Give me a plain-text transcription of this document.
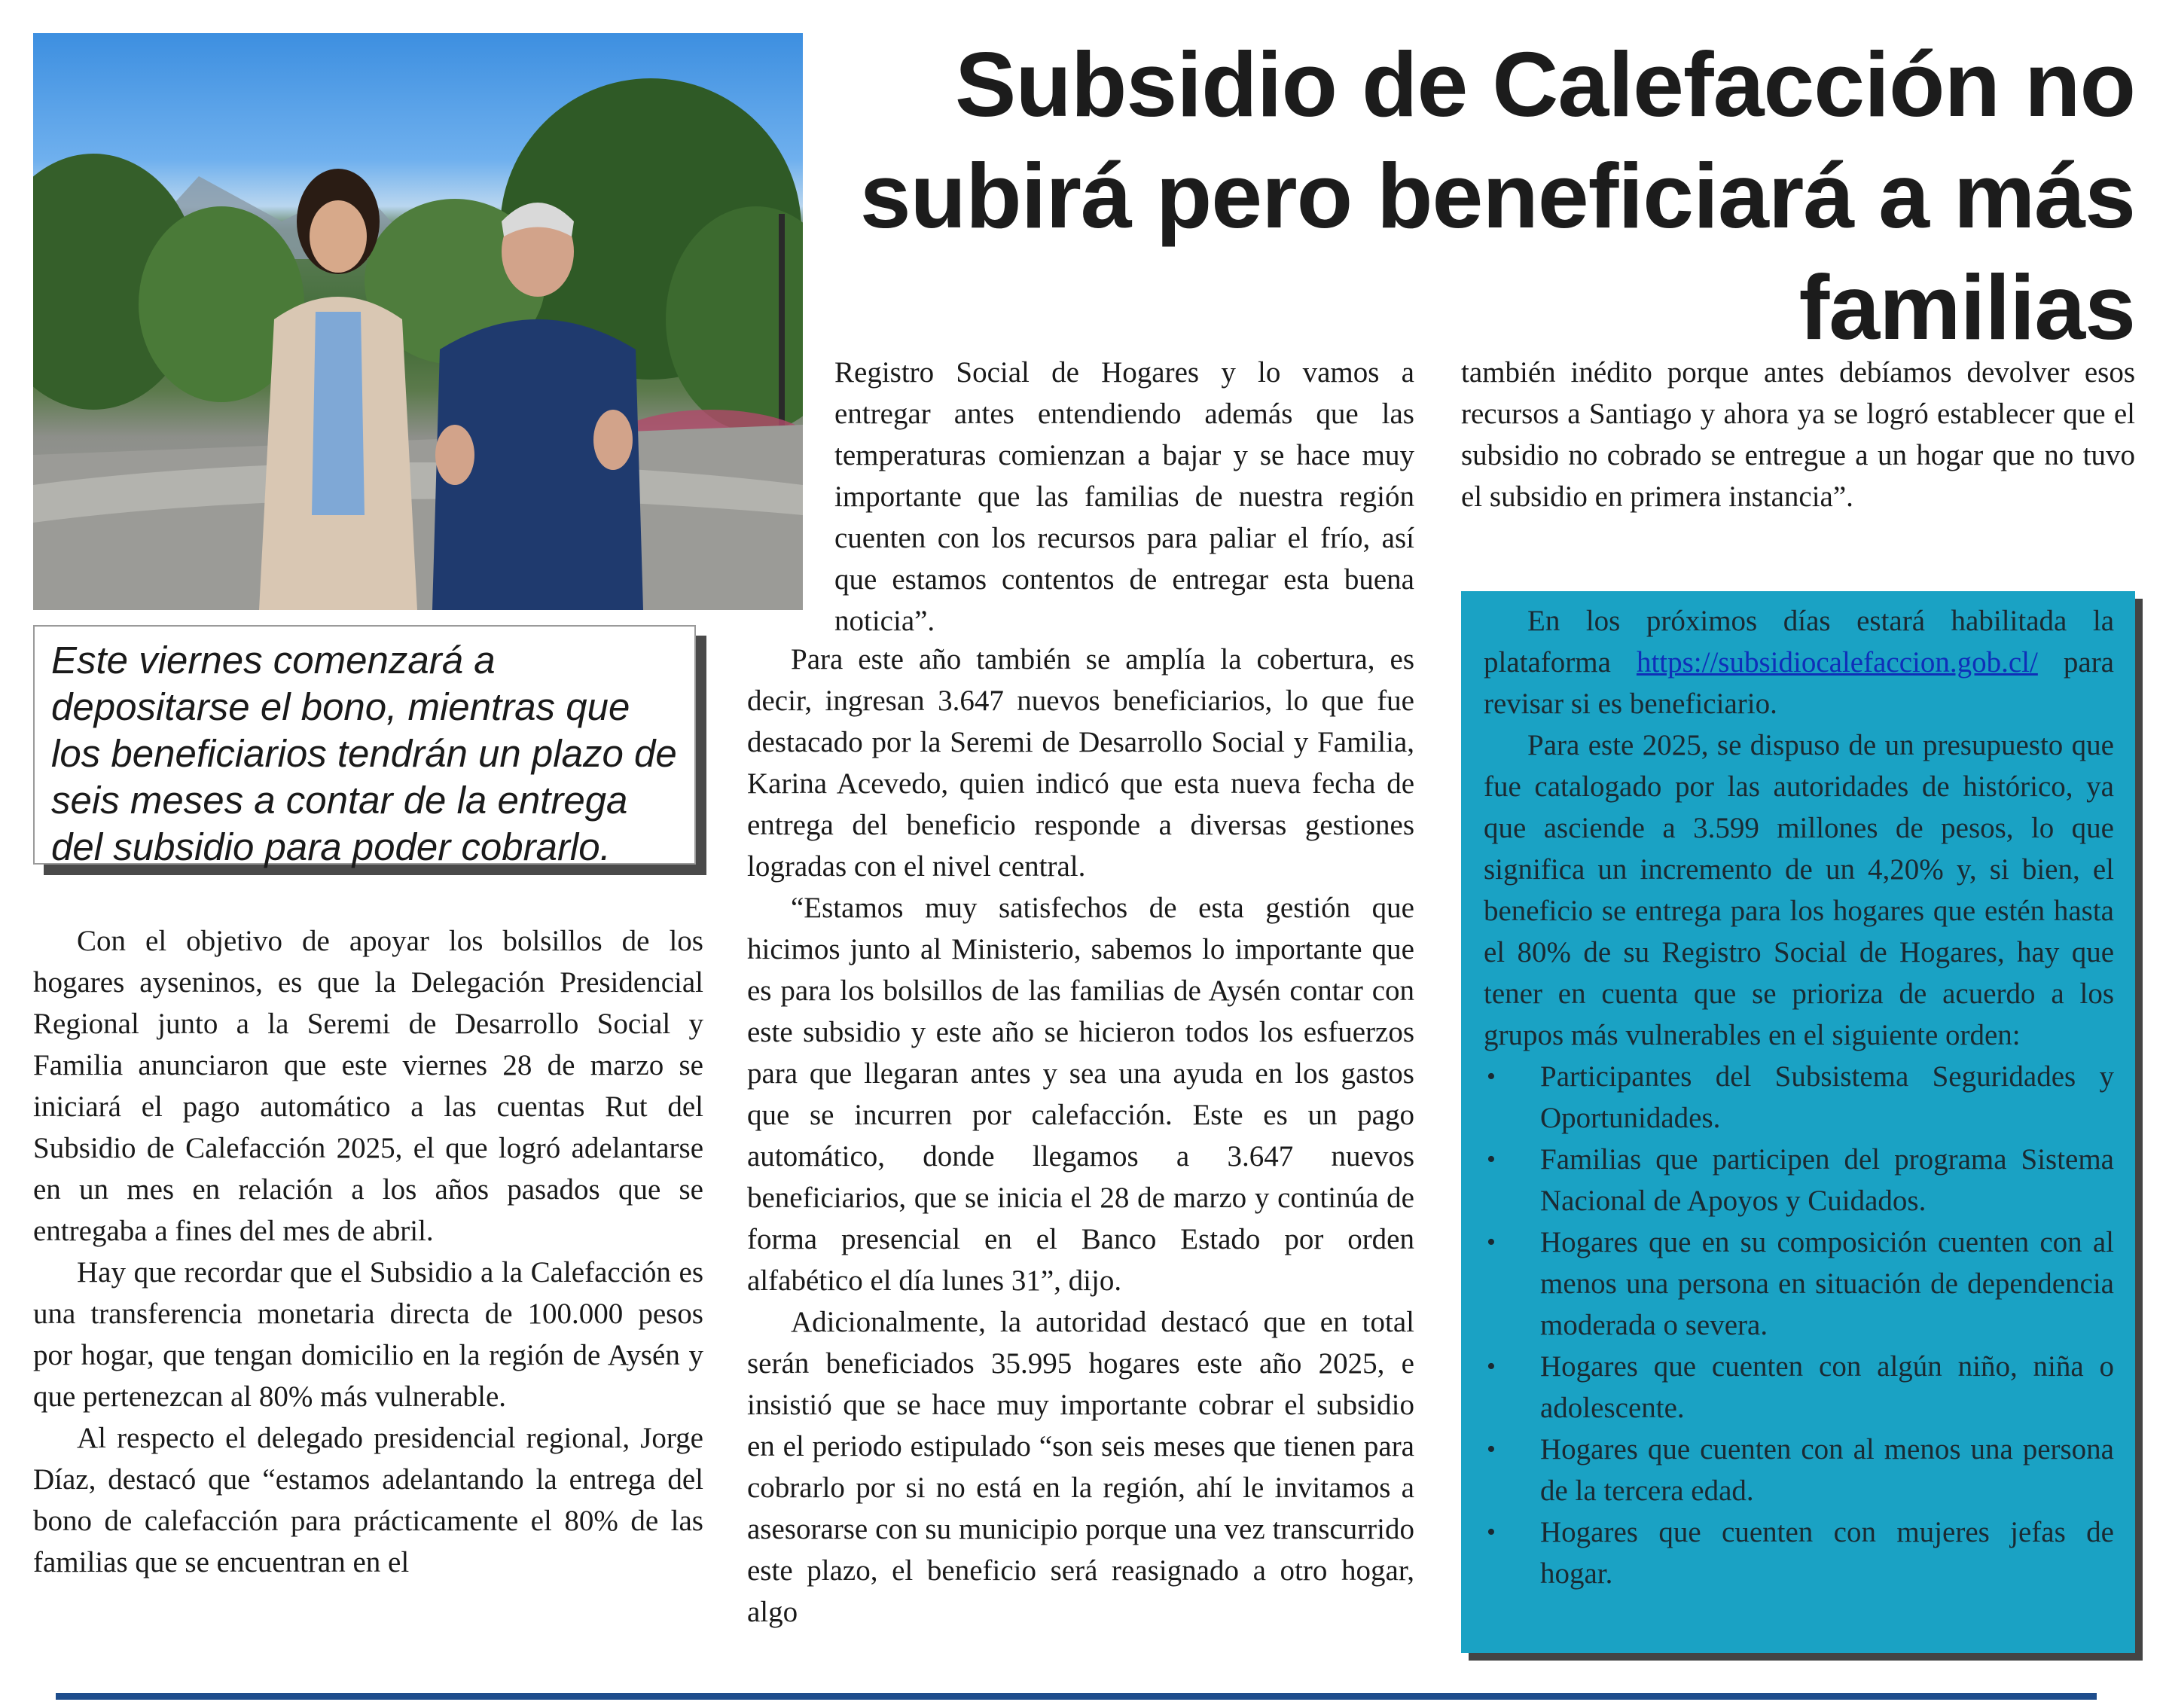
Subsidio de Calefacción no subirá pero beneficiará a más familias

Este viernes comenzará a depositarse el bono, mientras que los beneficiarios tendrán un plazo de seis meses a contar de la entrega del subsidio para poder cobrarlo.

Con el objetivo de apoyar los bolsillos de los hogares ayseninos, es que la Delegación Presidencial Regional junto a la Seremi de Desarrollo Social y Familia anunciaron que este viernes 28 de marzo se iniciará el pago automático a las cuentas Rut del Subsidio de Calefacción 2025, el que logró adelantarse en un mes en relación a los años pasados que se entregaba a fines del mes de abril.

Hay que recordar que el Subsidio a la Calefacción es una transferencia monetaria directa de 100.000 pesos por hogar, que tengan domicilio en la región de Aysén y que pertenezcan al 80% más vulnerable.

Al respecto el delegado presidencial regional, Jorge Díaz, destacó que “estamos adelantando la entrega del bono de calefacción para prácticamente el 80% de las familias que se encuentran en el

Registro Social de Hogares y lo vamos a entregar antes entendiendo además que las temperaturas comienzan a bajar y se hace muy importante que las familias de nuestra región cuenten con los recursos para paliar el frío, así que estamos contentos de entregar esta buena noticia”.

Para este año también se amplía la cobertura, es decir, ingresan 3.647 nuevos beneficiarios, lo que fue destacado por la Seremi de Desarrollo Social y Familia, Karina Acevedo, quien indicó que esta nueva fecha de entrega del beneficio responde a diversas gestiones logradas con el nivel central.

“Estamos muy satisfechos de esta gestión que hicimos junto al Ministerio, sabemos lo importante que es para los bolsillos de las familias de Aysén contar con este subsidio y este año se hicieron todos los esfuerzos para que llegaran antes y sea una ayuda en los gastos que se incurren por calefacción. Este es un pago automático, donde llegamos a 3.647 nuevos beneficiarios, que se inicia el 28 de marzo y continúa de forma presencial en el Banco Estado por orden alfabético el día lunes 31”, dijo.

Adicionalmente, la autoridad destacó que en total serán beneficiados 35.995 hogares este año 2025, e insistió que se hace muy importante cobrar el subsidio en el periodo estipulado “son seis meses que tienen para cobrarlo por si no está en la región, ahí le invitamos a asesorarse con su municipio porque una vez transcurrido este plazo, el beneficio será reasignado a otro hogar, algo

también inédito porque antes debíamos devolver esos recursos a Santiago y ahora ya se logró establecer que el subsidio no cobrado se entregue a un hogar que no tuvo el subsidio en primera instancia”.

En los próximos días estará habilitada la plataforma https://subsidiocalefaccion.gob.cl/ para revisar si es beneficiario.

Para este 2025, se dispuso de un presupuesto que fue catalogado por las autoridades de histórico, ya que asciende a 3.599 millones de pesos, lo que significa un incremento de un 4,20% y, si bien, el beneficio se entrega para los hogares que estén hasta el 80% de su Registro Social de Hogares, hay que tener en cuenta que se prioriza de acuerdo a los grupos más vulnerables en el siguiente orden:

• Participantes del Subsistema Seguridades y Oportunidades.
• Familias que participen del programa Sistema Nacional de Apoyos y Cuidados.
• Hogares que en su composición cuenten con al menos una persona en situación de dependencia moderada o severa.
• Hogares que cuenten con algún niño, niña o adolescente.
• Hogares que cuenten con al menos una persona de la tercera edad.
• Hogares que cuenten con mujeres jefas de hogar.
